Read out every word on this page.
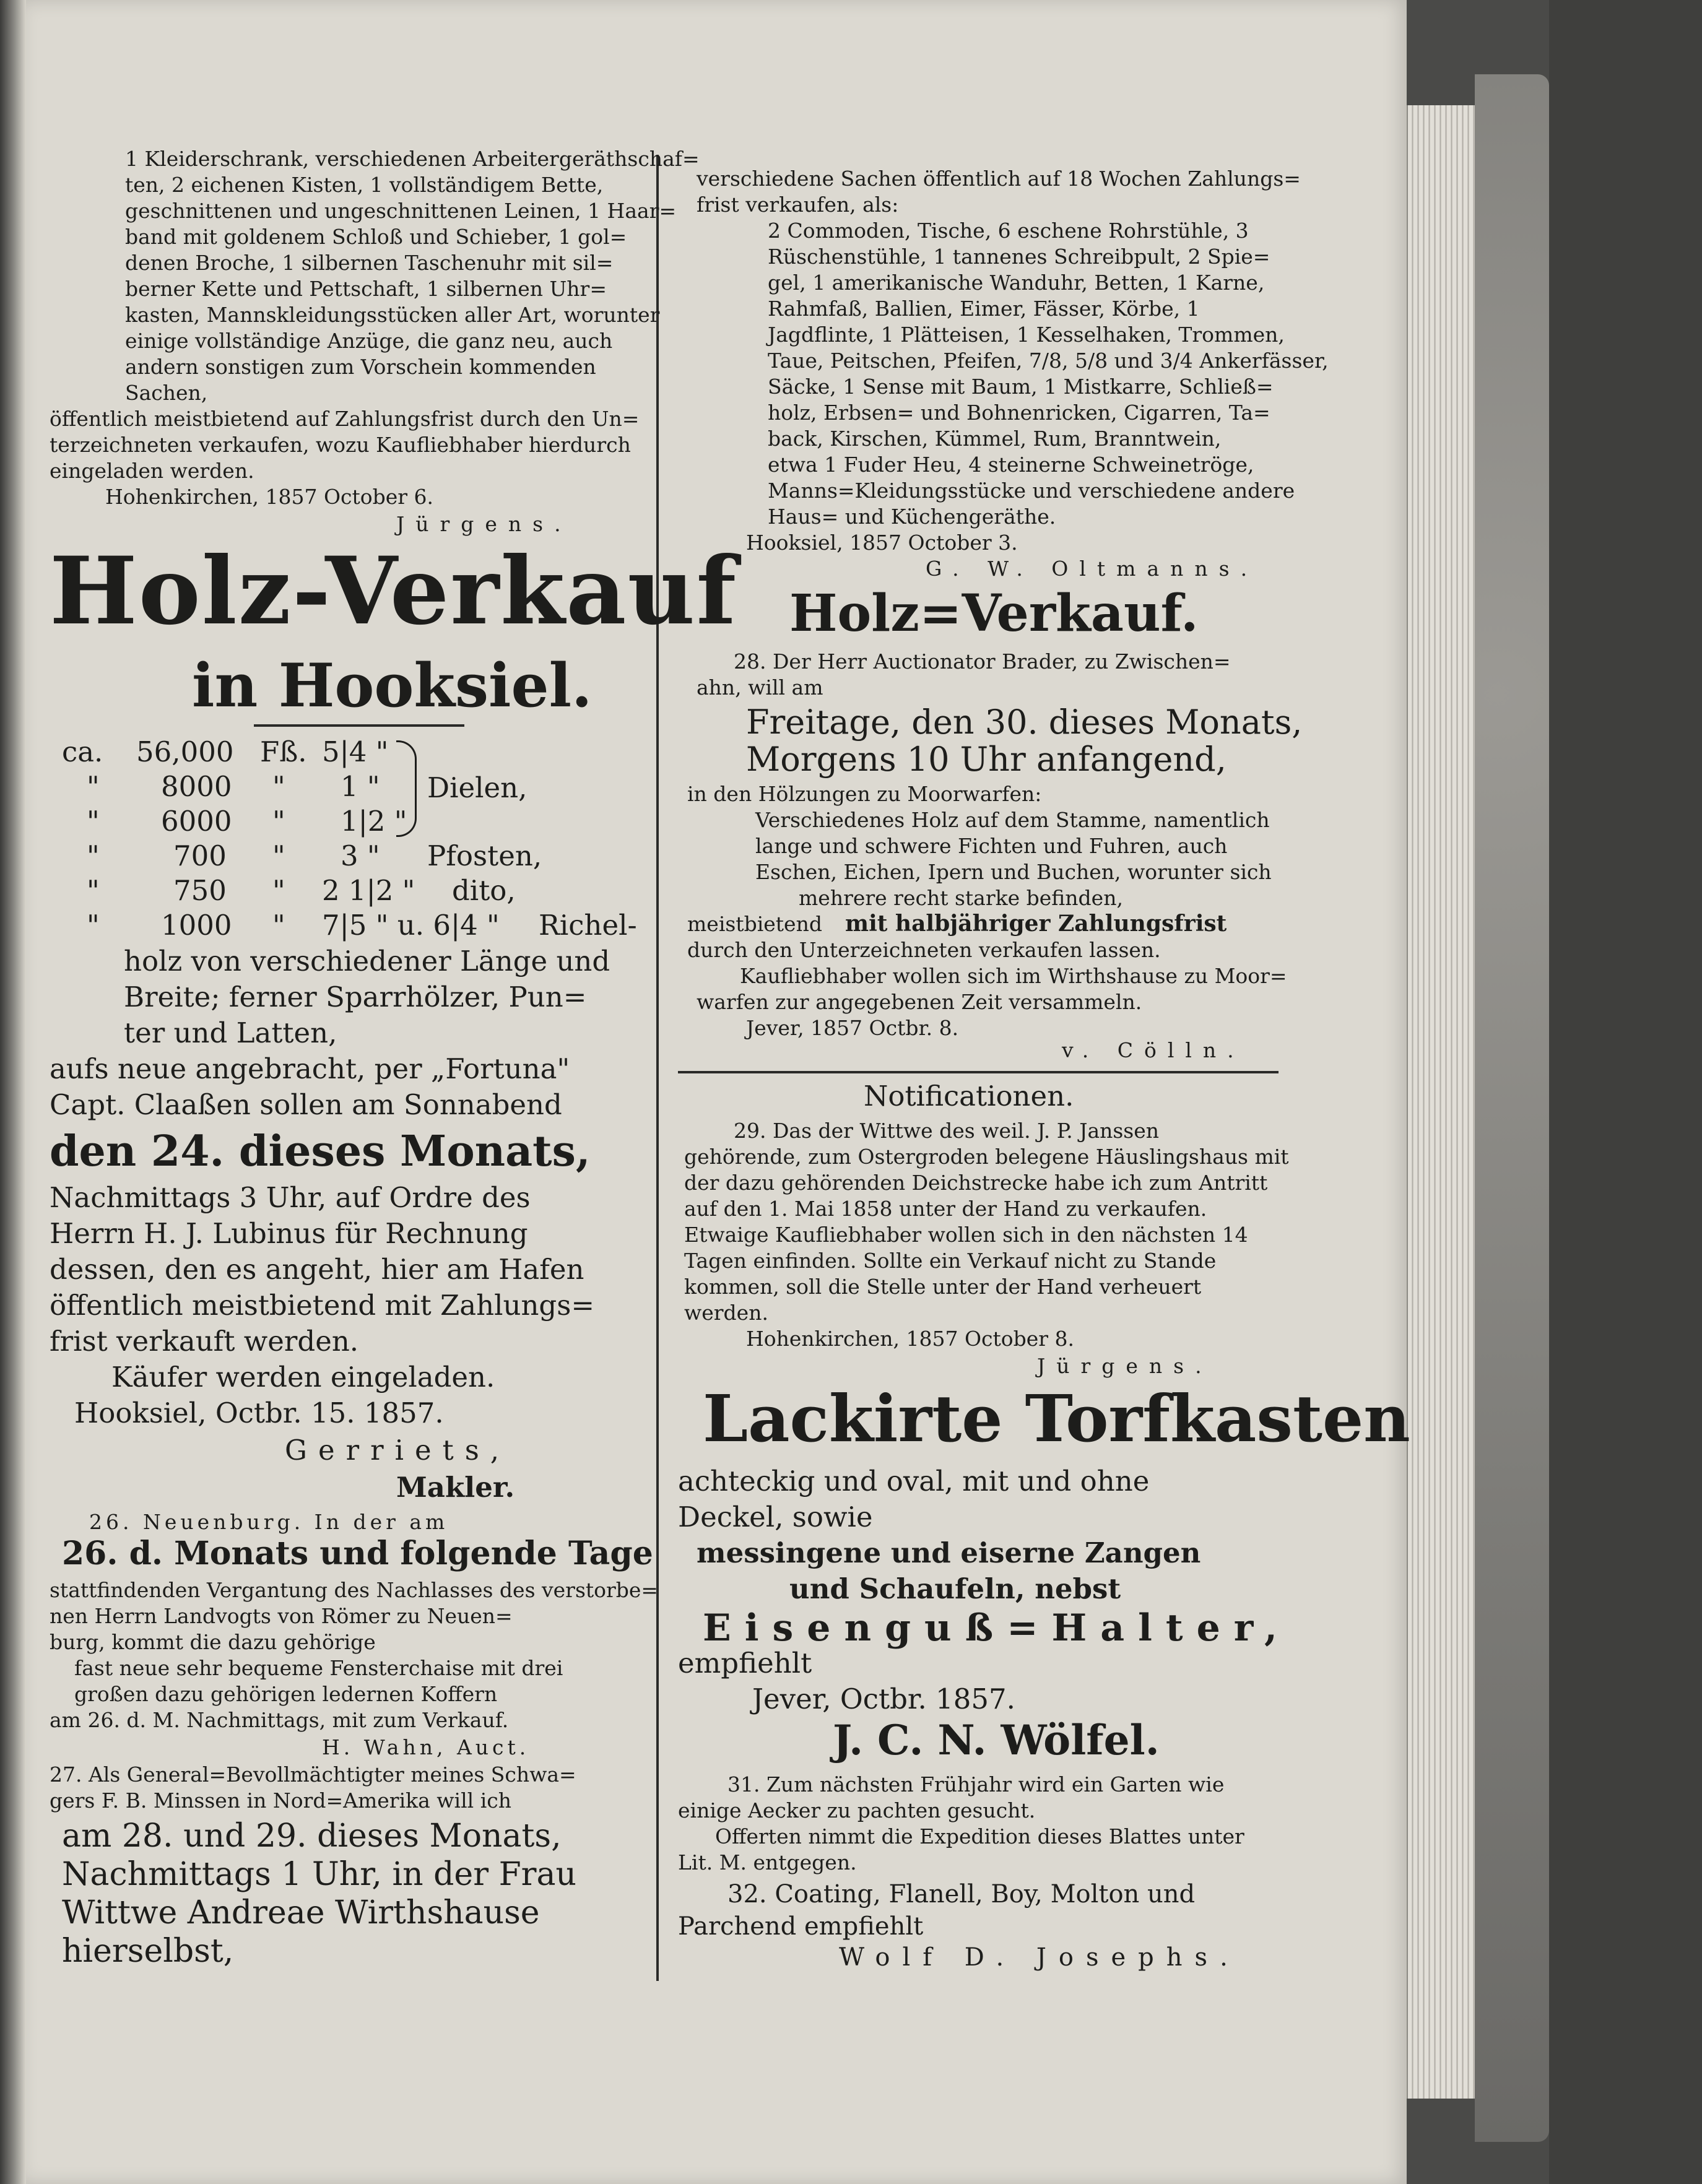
1 Kleiderschrank, verschiedenen Arbeitergeräthschaf=
ten, 2 eichenen Kisten, 1 vollständigem Bette,
geschnittenen und ungeschnittenen Leinen, 1 Haar=
band mit goldenem Schloß und Schieber, 1 gol=
denen Broche, 1 silbernen Taschenuhr mit sil=
berner Kette und Pettschaft, 1 silbernen Uhr=
kasten, Mannskleidungsstücken aller Art, worunter
einige vollständige Anzüge, die ganz neu, auch
andern sonstigen zum Vorschein kommenden
Sachen,
öffentlich meistbietend auf Zahlungsfrist durch den Un=
terzeichneten verkaufen, wozu Kaufliebhaber hierdurch
eingeladen werden.
Hohenkirchen, 1857 October 6.
Jürgens.
Holz-Verkauf
in Hooksiel.
ca. 56,000 Fß. 5|4 "
" 8000 " 1 "
" 6000 " 1|2 "
Dielen,
"	700 " 3 " Pfosten,
"	750 " 2 1|2 " dito,
" 1000 " 7|5 " u. 6|4 " Richel-
holz von verschiedener Länge und
Breite; ferner Sparrhölzer, Pun=
ter und Latten,
aufs neue angebracht, per „Fortuna"
Capt. Claaßen sollen am Sonnabend
den 24. dieses Monats,
Nachmittags 3 Uhr, auf Ordre des
Herrn H. J. Lubinus für Rechnung
dessen, den es angeht, hier am Hafen
öffentlich meistbietend mit Zahlungs=
frist verkauft werden.
Käufer werden eingeladen.
Hooksiel, Octbr. 15. 1857.
Gerriets,
Makler.
26. Neuenburg. In der am
26. d. Monats und folgende Tage
stattfindenden Vergantung des Nachlasses des verstorbe=
nen Herrn Landvogts von Römer zu Neuen=
burg, kommt die dazu gehörige
fast neue sehr bequeme Fensterchaise mit drei
großen dazu gehörigen ledernen Koffern
am 26. d. M. Nachmittags, mit zum Verkauf.
H. Wahn, Auct.
27. Als General=Bevollmächtigter meines Schwa=
gers F. B. Minssen in Nord=Amerika will ich
am 28. und 29. dieses Monats,
Nachmittags 1 Uhr, in der Frau
Wittwe Andreae Wirthshause
hierselbst,
verschiedene Sachen öffentlich auf 18 Wochen Zahlungs=
frist verkaufen, als:
2 Commoden, Tische, 6 eschene Rohrstühle, 3
Rüschenstühle, 1 tannenes Schreibpult, 2 Spie=
gel, 1 amerikanische Wanduhr, Betten, 1 Karne,
Rahmfaß, Ballien, Eimer, Fässer, Körbe, 1
Jagdflinte, 1 Plätteisen, 1 Kesselhaken, Trommen,
Taue, Peitschen, Pfeifen, 7/8, 5/8 und 3/4 Ankerfässer,
Säcke, 1 Sense mit Baum, 1 Mistkarre, Schließ=
holz, Erbsen= und Bohnenricken, Cigarren, Ta=
back, Kirschen, Kümmel, Rum, Branntwein,
etwa 1 Fuder Heu, 4 steinerne Schweinetröge,
Manns=Kleidungsstücke und verschiedene andere
Haus= und Küchengeräthe.
Hooksiel, 1857 October 3.
G. W. Oltmanns.
Holz=Verkauf.
28. Der Herr Auctionator Brader, zu Zwischen=
ahn, will am
Freitage, den 30. dieses Monats,
Morgens 10 Uhr anfangend,
in den Hölzungen zu Moorwarfen:
Verschiedenes Holz auf dem Stamme, namentlich
lange und schwere Fichten und Fuhren, auch
Eschen, Eichen, Ipern und Buchen, worunter sich
mehrere recht starke befinden,
meistbietend mit halbjähriger Zahlungsfrist
durch den Unterzeichneten verkaufen lassen.
Kaufliebhaber wollen sich im Wirthshause zu Moor=
warfen zur angegebenen Zeit versammeln.
Jever, 1857 Octbr. 8.
v. Cölln.
Notificationen.
29. Das der Wittwe des weil. J. P. Janssen
gehörende, zum Ostergroden belegene Häuslingshaus mit
der dazu gehörenden Deichstrecke habe ich zum Antritt
auf den 1. Mai 1858 unter der Hand zu verkaufen.
Etwaige Kaufliebhaber wollen sich in den nächsten 14
Tagen einfinden. Sollte ein Verkauf nicht zu Stande
kommen, soll die Stelle unter der Hand verheuert
werden.
Hohenkirchen, 1857 October 8.
Jürgens.
Lackirte Torfkasten
achteckig und oval, mit und ohne
Deckel, sowie
messingene und eiserne Zangen
und Schaufeln, nebst
Eisenguß=Halter,
empfiehlt
Jever, Octbr. 1857.
J. C. N. Wölfel.
31. Zum nächsten Frühjahr wird ein Garten wie
einige Aecker zu pachten gesucht.
Offerten nimmt die Expedition dieses Blattes unter
Lit. M. entgegen.
32. Coating, Flanell, Boy, Molton und
Parchend empfiehlt
Wolf D. Josephs.
